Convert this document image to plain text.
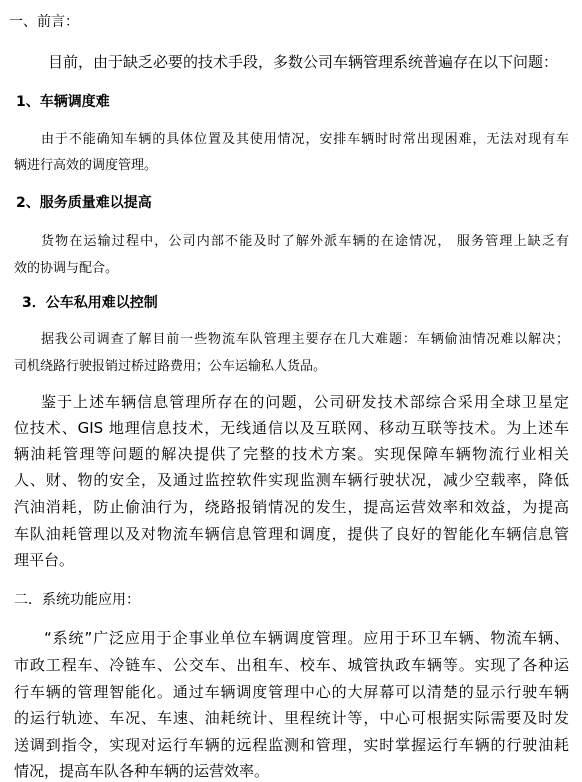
一、前言：
目前，由于缺乏必要的技术手段，多数公司车辆管理系统普遍存在以下问题：
1、车辆调度难
由于不能确知车辆的具体位置及其使用情况，安排车辆时时常出现困难，无法对现有车
辆进行高效的调度管理。
2、服务质量难以提高
货物在运输过程中，公司内部不能及时了解外派车辆的在途情况， 服务管理上缺乏有
效的协调与配合。
3．公车私用难以控制
据我公司调查了解目前一些物流车队管理主要存在几大难题：车辆偷油情况难以解决；
司机绕路行驶报销过桥过路费用；公车运输私人货品。
鉴于上述车辆信息管理所存在的问题，公司研发技术部综合采用全球卫星定
位技术、GIS 地理信息技术，无线通信以及互联网、移动互联等技术。为上述车
辆油耗管理等问题的解决提供了完整的技术方案。实现保障车辆物流行业相关
人、财、物的安全，及通过监控软件实现监测车辆行驶状况，减少空载率，降低
汽油消耗，防止偷油行为，绕路报销情况的发生，提高运营效率和效益，为提高
车队油耗管理以及对物流车辆信息管理和调度，提供了良好的智能化车辆信息管
理平台。
二．系统功能应用：
“系统”广泛应用于企事业单位车辆调度管理。应用于环卫车辆、物流车辆、
市政工程车、冷链车、公交车、出租车、校车、城管执政车辆等。实现了各种运
行车辆的管理智能化。通过车辆调度管理中心的大屏幕可以清楚的显示行驶车辆
的运行轨迹、车况、车速、油耗统计、里程统计等，中心可根据实际需要及时发
送调到指令，实现对运行车辆的远程监测和管理，实时掌握运行车辆的行驶油耗
情况，提高车队各种车辆的运营效率。
